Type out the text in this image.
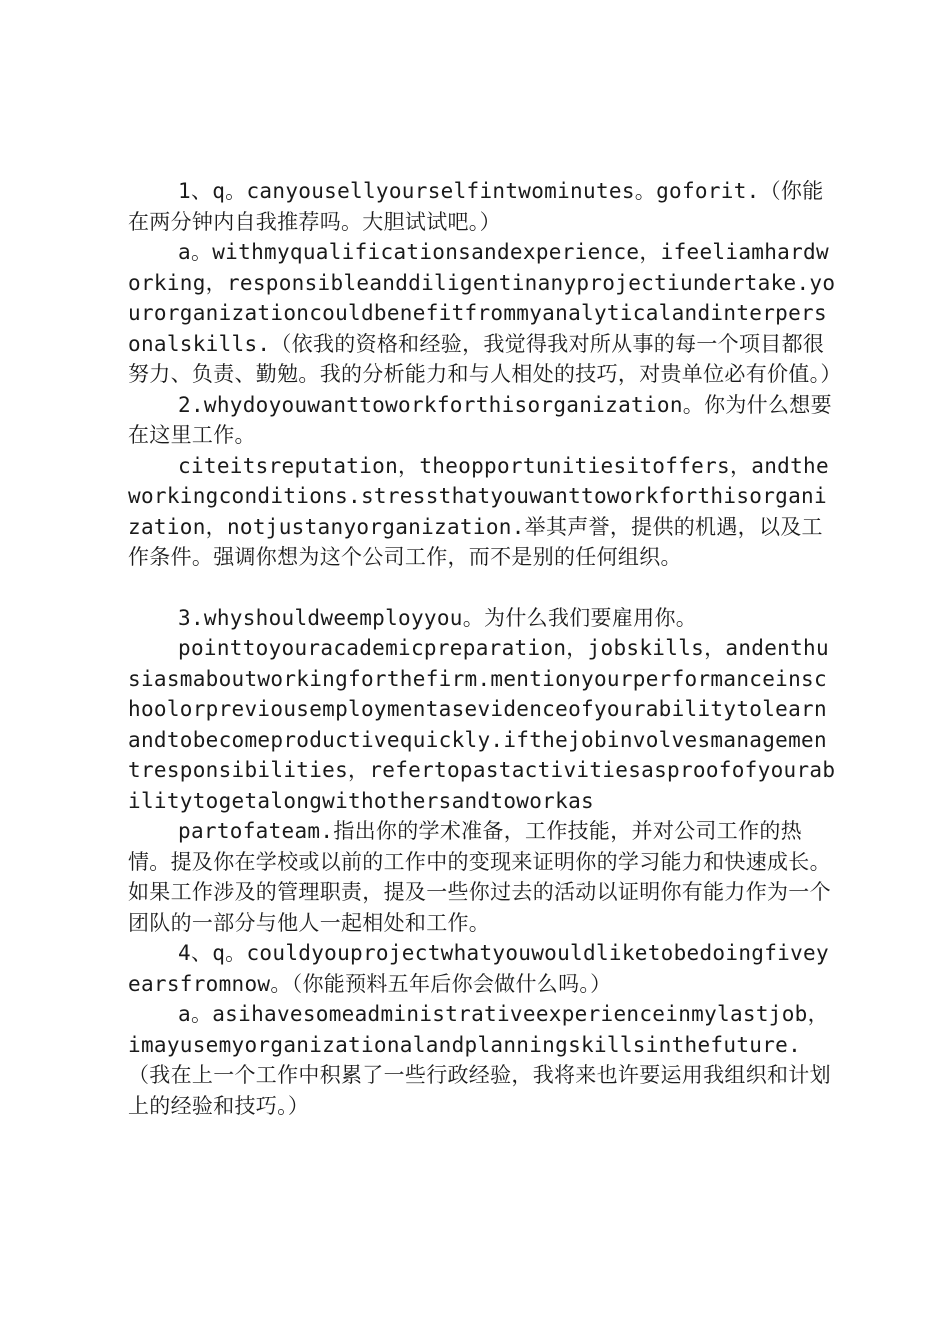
1、q。canyousellyourselfintwominutes。goforit.（你能在两分钟内自我推荐吗。大胆试试吧。）

a。withmyqualificationsandexperience，ifeeliamhardworking，responsibleanddiligentinanyprojectiundertake.yourorganizationcouldbenefitfrommyanalyticalandinterpersonalskills.（依我的资格和经验，我觉得我对所从事的每一个项目都很努力、负责、勤勉。我的分析能力和与人相处的技巧，对贵单位必有价值。）

2.whydoyouwanttoworkforthisorganization。你为什么想要在这里工作。

citeitsreputation，theopportunitiesitoffers，andtheworkingconditions.stressthatyouwanttoworkforthisorganization，notjustanyorganization.举其声誉，提供的机遇，以及工作条件。强调你想为这个公司工作，而不是别的任何组织。

3.whyshouldweemployyou。为什么我们要雇用你。

pointtoyouracademicpreparation，jobskills，andenthusiasmaboutworkingforthefirm.mentionyourperformanceinschoolorpreviousemploymentasevidenceofyourabilitytolearnandtobecomeproductivequickly.ifthejobinvolvesmanagementresponsibilities，refertopastactivitiesasproofofyourabilitytogetalongwithothersandtoworkas

partofateam.指出你的学术准备，工作技能，并对公司工作的热情。提及你在学校或以前的工作中的变现来证明你的学习能力和快速成长。如果工作涉及的管理职责，提及一些你过去的活动以证明你有能力作为一个团队的一部分与他人一起相处和工作。

4、q。couldyouprojectwhatyouwouldliketobedoingfiveyearsfromnow。（你能预料五年后你会做什么吗。）

a。asihavesomeadministrativeexperienceinmylastjob，imayusemyorganizationalandplanningskillsinthefuture.（我在上一个工作中积累了一些行政经验，我将来也许要运用我组织和计划上的经验和技巧。）
